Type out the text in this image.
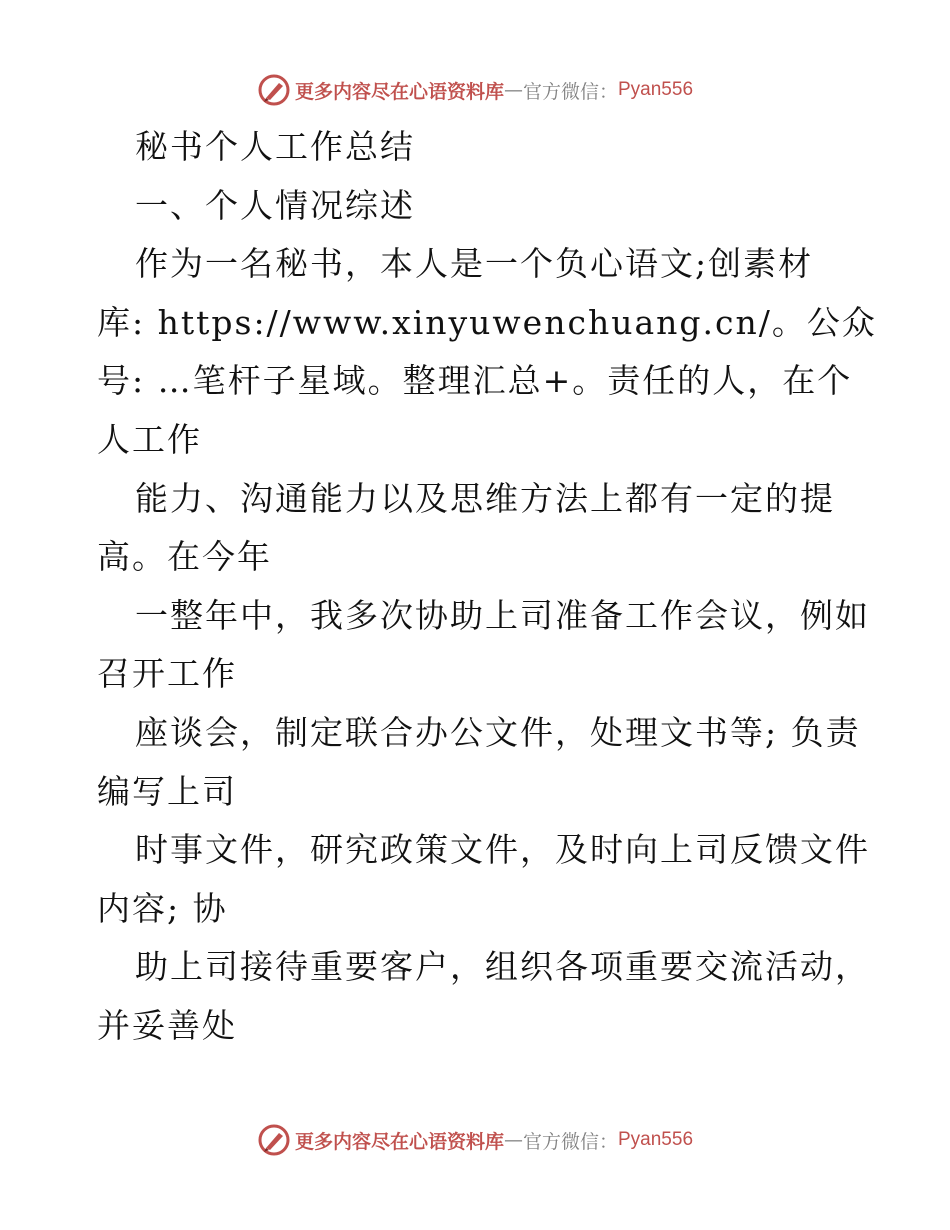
更多内容尽在心语资料库 — 官方微信： Pyan556
秘书个人工作总结
一、个人情况综述
作为一名秘书，本人是一个负心语文;创素材
库: https://www.xinyuwenchuang.cn/。公众
号: …笔杆子星域。整理汇总+。责任的人，在个
人工作
能力、沟通能力以及思维方法上都有一定的提
高。在今年
一整年中，我多次协助上司准备工作会议，例如
召开工作
座谈会，制定联合办公文件，处理文书等; 负责
编写上司
时事文件，研究政策文件，及时向上司反馈文件
内容; 协
助上司接待重要客户，组织各项重要交流活动，
并妥善处
更多内容尽在心语资料库 — 官方微信： Pyan556
